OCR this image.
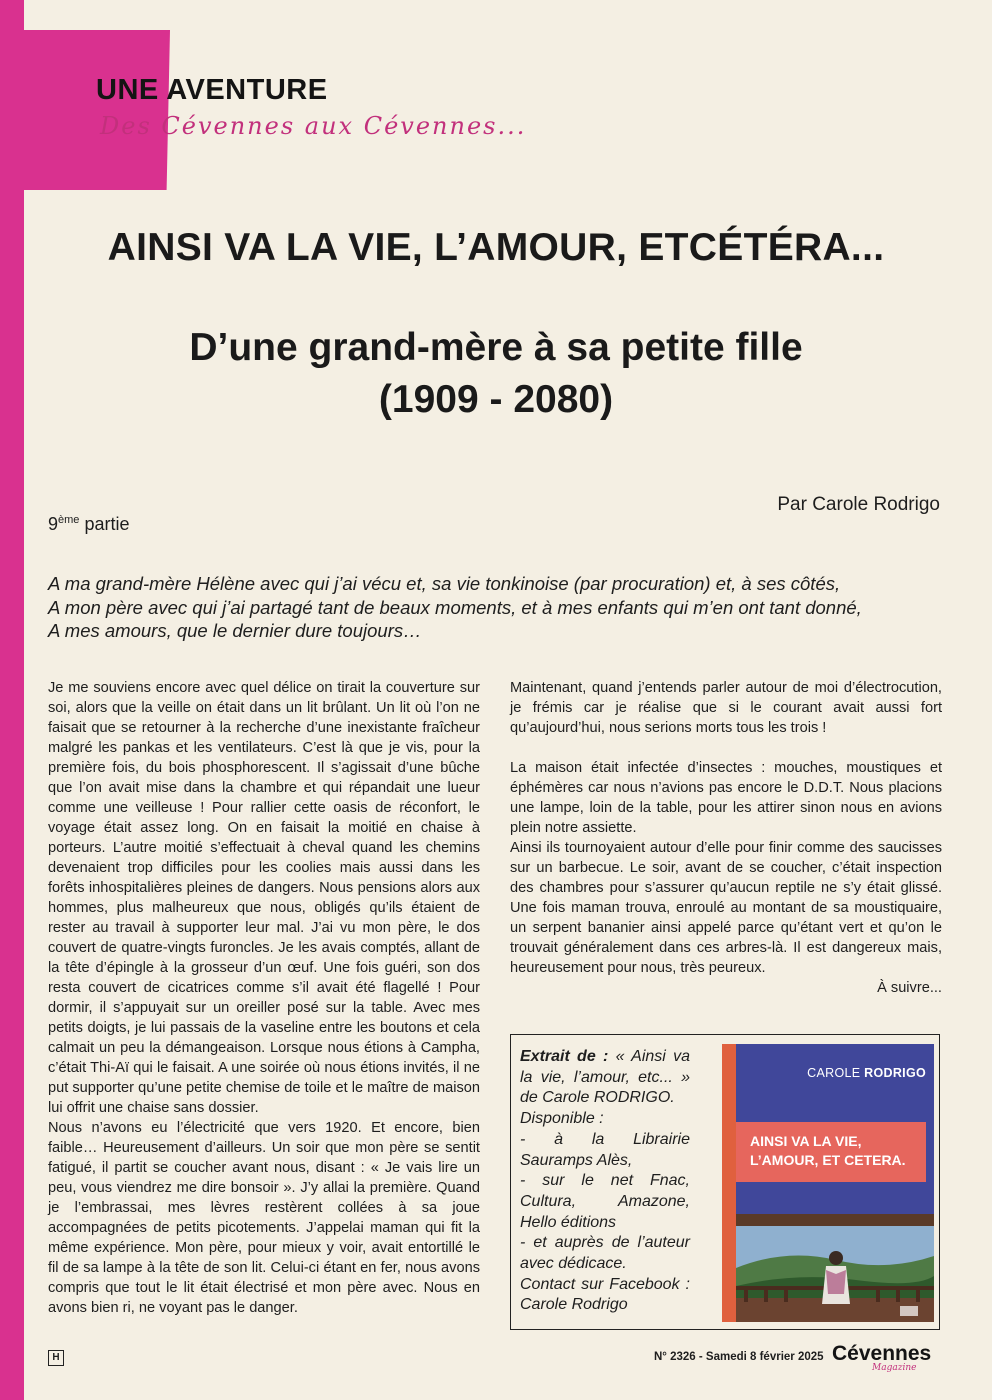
UNE AVENTURE
Des Cévennes aux Cévennes...
AINSI VA LA VIE, L’AMOUR, ETCÉTÉRA...
D’une grand-mère à sa petite fille
(1909 - 2080)
Par Carole Rodrigo
9ème partie
A ma grand-mère Hélène avec qui j’ai vécu et, sa vie tonkinoise (par procuration) et, à ses côtés,
A mon père avec qui j’ai partagé tant de beaux moments, et à mes enfants qui m’en ont tant donné,
A mes amours, que le dernier dure toujours…

Je me souviens encore avec quel délice on tirait la couverture sur soi, alors que la veille on était dans un lit brûlant. Un lit où l’on ne faisait que se retourner à la recherche d’une inexistante fraîcheur malgré les pankas et les ventilateurs. C’est là que je vis, pour la première fois, du bois phosphorescent. Il s’agissait d’une bûche que l’on avait mise dans la chambre et qui répandait une lueur comme une veilleuse ! Pour rallier cette oasis de réconfort, le voyage était assez long. On en faisait la moitié en chaise à porteurs. L’autre moitié s’effectuait à cheval quand les chemins devenaient trop difficiles pour les coolies mais aussi dans les forêts inhospitalières pleines de dangers. Nous pensions alors aux hommes, plus malheureux que nous, obligés qu’ils étaient de rester au travail à supporter leur mal. J’ai vu mon père, le dos couvert de quatre-vingts furoncles. Je les avais comptés, allant de la tête d’épingle à la grosseur d’un œuf. Une fois guéri, son dos resta couvert de cicatrices comme s’il avait été flagellé ! Pour dormir, il s’appuyait sur un oreiller posé sur la table. Avec mes petits doigts, je lui passais de la vaseline entre les boutons et cela calmait un peu la démangeaison. Lorsque nous étions à Campha, c’était Thi-Aï qui le faisait. A une soirée où nous étions invités, il ne put supporter qu’une petite chemise de toile et le maître de maison lui offrit une chaise sans dossier.

Nous n’avons eu l’électricité que vers 1920. Et encore, bien faible… Heureusement d’ailleurs. Un soir que mon père se sentit fatigué, il partit se coucher avant nous, disant : « Je vais lire un peu, vous viendrez me dire bonsoir ». J’y allai la première. Quand je l’embrassai, mes lèvres restèrent collées à sa joue accompagnées de petits picotements. J’appelai maman qui fit la même expérience. Mon père, pour mieux y voir, avait entortillé le fil de sa lampe à la tête de son lit. Celui-ci étant en fer, nous avons compris que tout le lit était électrisé et mon père avec. Nous en avons bien ri, ne voyant pas le danger.

Maintenant, quand j’entends parler autour de moi d’électrocution, je frémis car je réalise que si le courant avait aussi fort qu’aujourd’hui, nous serions morts tous les trois !

La maison était infectée d’insectes : mouches, moustiques et éphémères car nous n’avions pas encore le D.D.T. Nous placions une lampe, loin de la table, pour les attirer sinon nous en avions plein notre assiette.

Ainsi ils tournoyaient autour d’elle pour finir comme des saucisses sur un barbecue. Le soir, avant de se coucher, c’était inspection des chambres pour s’assurer qu’aucun reptile ne s’y était glissé. Une fois maman trouva, enroulé au montant de sa moustiquaire, un serpent bananier ainsi appelé parce qu’étant vert et qu’on le trouvait généralement dans ces arbres-là. Il est dangereux mais, heureusement pour nous, très peureux.

À suivre...

Extrait de : « Ainsi va la vie, l’amour, etc... » de Carole RODRIGO.
Disponible :
- à la Librairie Sauramps Alès,
- sur le net Fnac, Cultura, Amazone, Hello éditions
- et auprès de l’auteur avec dédicace.
Contact sur Facebook : Carole Rodrigo
CAROLE RODRIGO
AINSI VA LA VIE,
L’AMOUR, ET CETERA.
H	N° 2326 - Samedi 8 février 2025 Cévennes
Magazine
